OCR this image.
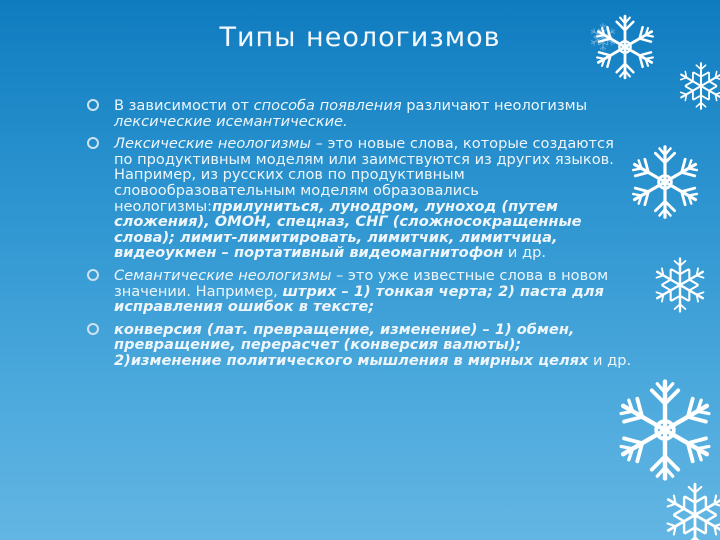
Типы неологизмов
В зависимости от способа появления различают неологизмы лексические исемантические.
Лексические неологизмы – это новые слова, которые создаются по продуктивным моделям или заимствуются из других языков. Например, из русских слов по продуктивным словообразовательным моделям образовались неологизмы:прилуниться, лунодром, луноход (путем сложения), ОМОН, спецназ, СНГ (сложносокращенные слова); лимит-лимитировать, лимитчик, лимитчица, видеоукмен – портативный видеомагнитофон и др.
Семантические неологизмы – это уже известные слова в новом значении. Например, штрих – 1) тонкая черта; 2) паста для исправления ошибок в тексте;
конверсия (лат. превращение, изменение) – 1) обмен, превращение, перерасчет (конверсия валюты); 2)изменение политического мышления в мирных целях и др.
